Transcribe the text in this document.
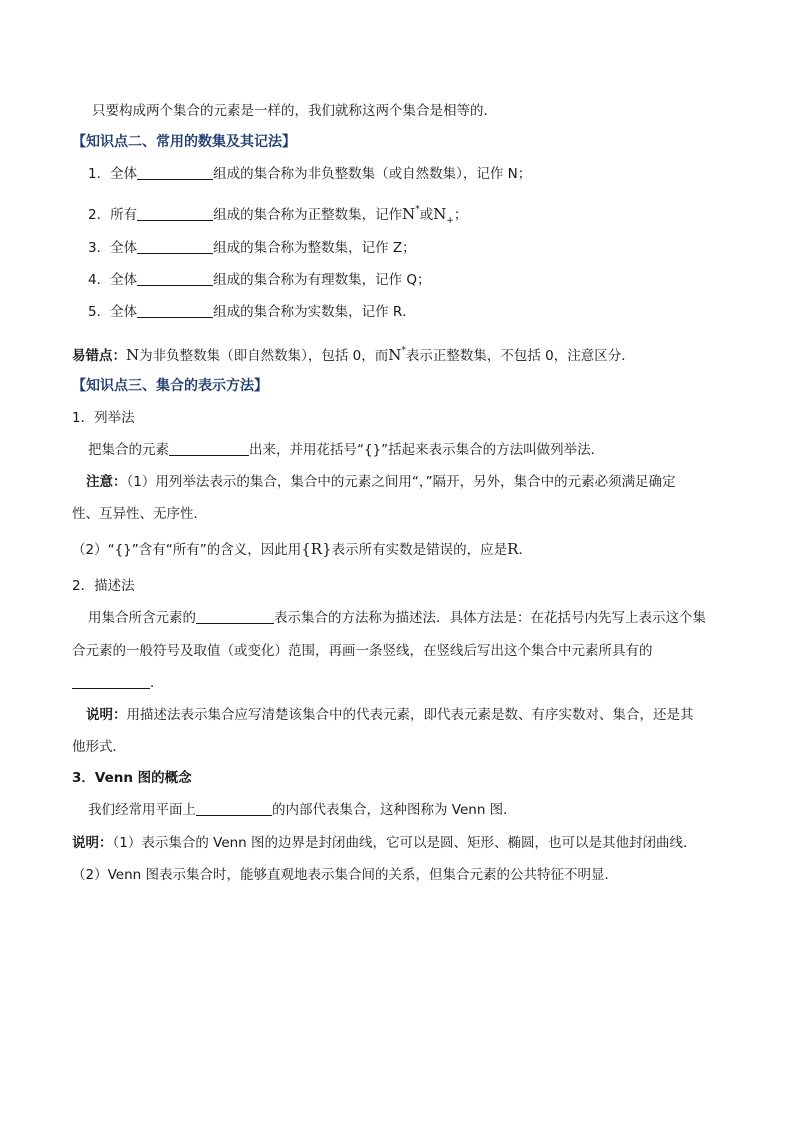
只要构成两个集合的元素是一样的，我们就称这两个集合是相等的．
【知识点二、常用的数集及其记法】
1．全体	组成的集合称为非负整数集（或自然数集），记作 N；
2．所有	组成的集合称为正整数集，记作N*或$N_+$；
3．全体	组成的集合称为整数集，记作 Z；
4．全体	组成的集合称为有理数集，记作 Q；
5．全体	组成的集合称为实数集，记作 R．
易错点：N为非负整数集（即自然数集），包括 0，而N*表示正整数集，不包括 0，注意区分．
【知识点三、集合的表示方法】
1．列举法
把集合的元素	出来，并用花括号“{}”括起来表示集合的方法叫做列举法．
注意：（1）用列举法表示的集合，集合中的元素之间用“，”隔开，另外，集合中的元素必须满足确定
性、互异性、无序性．
（2）“{}”含有“所有”的含义，因此用{R}表示所有实数是错误的，应是R．
2．描述法
用集合所含元素的	表示集合的方法称为描述法．具体方法是：在花括号内先写上表示这个集
合元素的一般符号及取值（或变化）范围，再画一条竖线，在竖线后写出这个集合中元素所具有的
．
说明：用描述法表示集合应写清楚该集合中的代表元素，即代表元素是数、有序实数对、集合，还是其
他形式．
3．Venn 图的概念
我们经常用平面上	的内部代表集合，这种图称为 Venn 图．
说明：（1）表示集合的 Venn 图的边界是封闭曲线，它可以是圆、矩形、椭圆，也可以是其他封闭曲线．
（2）Venn 图表示集合时，能够直观地表示集合间的关系，但集合元素的公共特征不明显．
